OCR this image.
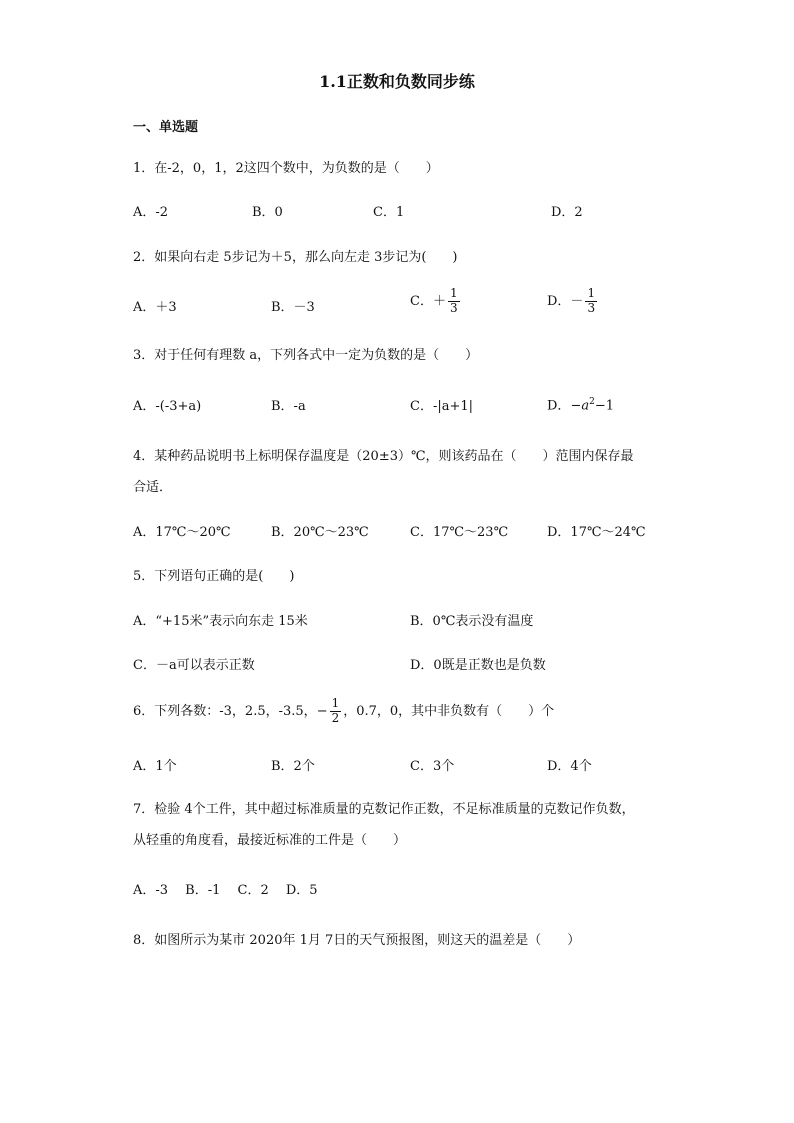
1.1正数和负数同步练
一、单选题
1．在-2，0，1，2这四个数中，为负数的是（　　）
A．-2	B．0	C．1	D．2
2．如果向右走 5步记为＋5，那么向左走 3步记为(　　)
A．＋3	B．－3	C．＋ $\frac{1}{3}$	D．－ $\frac{1}{3}$
3．对于任何有理数 a，下列各式中一定为负数的是（　　）
A．-(-3+a)	B．-a	C．-|a+1|	D．$-a^2-1$
4．某种药品说明书上标明保存温度是（20±3）℃，则该药品在（　　）范围内保存最
合适．
A．17℃～20℃	B．20℃～23℃	C．17℃～23℃	D．17℃～24℃
5．下列语句正确的是(　　)
A．“+15米”表示向东走 15米	B．0℃表示没有温度
C．－a可以表示正数	D．0既是正数也是负数
6．下列各数：-3，2.5，-3.5，− $\frac{1}{2}$ ，0.7，0，其中非负数有（　　）个
A．1个	B．2个	C．3个	D．4个
7．检验 4个工件，其中超过标准质量的克数记作正数，不足标准质量的克数记作负数，
从轻重的角度看，最接近标准的工件是（　　）
A．-3　 B．-1　 C．2　 D．5
8．如图所示为某市 2020年 1月 7日的天气预报图，则这天的温差是（　　）
